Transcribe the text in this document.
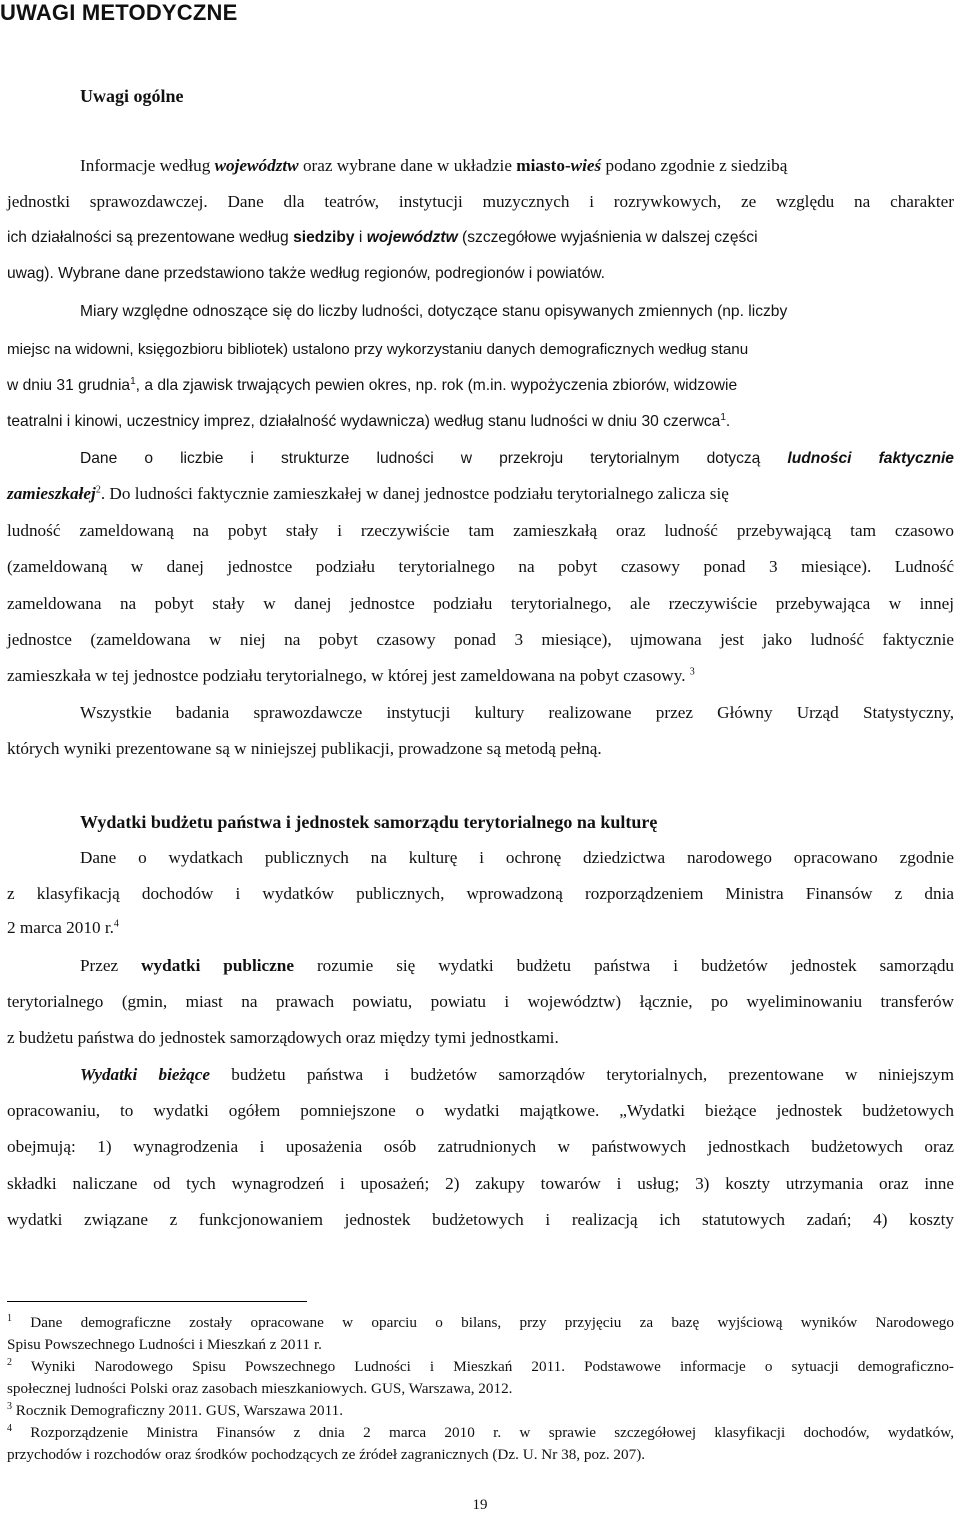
UWAGI METODYCZNE
Uwagi ogólne
Informacje według województw oraz wybrane dane w układzie miasto-wieś podano zgodnie z siedzibą
jednostki sprawozdawczej. Dane dla teatrów, instytucji muzycznych i rozrywkowych, ze względu na charakter
ich działalności są prezentowane według siedziby i województw (szczegółowe wyjaśnienia w dalszej części
uwag). Wybrane dane przedstawiono także według regionów, podregionów i powiatów.
Miary względne odnoszące się do liczby ludności, dotyczące stanu opisywanych zmiennych (np. liczby
miejsc na widowni, księgozbioru bibliotek) ustalono przy wykorzystaniu danych demograficznych według stanu
w dniu 31 grudnia$^1$, a dla zjawisk trwających pewien okres, np. rok (m.in. wypożyczenia zbiorów, widzowie
teatralni i kinowi, uczestnicy imprez, działalność wydawnicza) według stanu ludności w dniu 30 czerwca$^1$.
Dane o liczbie i strukturze ludności w przekroju terytorialnym dotyczą ludności faktycznie
zamieszkałej$^2$. Do ludności faktycznie zamieszkałej w danej jednostce podziału terytorialnego zalicza się
ludność zameldowaną na pobyt stały i rzeczywiście tam zamieszkałą oraz ludność przebywającą tam czasowo
(zameldowaną w danej jednostce podziału terytorialnego na pobyt czasowy ponad 3 miesiące). Ludność
zameldowana na pobyt stały w danej jednostce podziału terytorialnego, ale rzeczywiście przebywająca w innej
jednostce (zameldowana w niej na pobyt czasowy ponad 3 miesiące), ujmowana jest jako ludność faktycznie
zamieszkała w tej jednostce podziału terytorialnego, w której jest zameldowana na pobyt czasowy. $^3$
Wszystkie badania sprawozdawcze instytucji kultury realizowane przez Główny Urząd Statystyczny,
których wyniki prezentowane są w niniejszej publikacji, prowadzone są metodą pełną.
Wydatki budżetu państwa i jednostek samorządu terytorialnego na kulturę
Dane o wydatkach publicznych na kulturę i ochronę dziedzictwa narodowego opracowano zgodnie
z klasyfikacją dochodów i wydatków publicznych, wprowadzoną rozporządzeniem Ministra Finansów z dnia
2 marca 2010 r.$^4$
Przez wydatki publiczne rozumie się wydatki budżetu państwa i budżetów jednostek samorządu
terytorialnego (gmin, miast na prawach powiatu, powiatu i województw) łącznie, po wyeliminowaniu transferów
z budżetu państwa do jednostek samorządowych oraz między tymi jednostkami.
Wydatki bieżące budżetu państwa i budżetów samorządów terytorialnych, prezentowane w niniejszym
opracowaniu, to wydatki ogółem pomniejszone o wydatki majątkowe. „Wydatki bieżące jednostek budżetowych
obejmują: 1) wynagrodzenia i uposażenia osób zatrudnionych w państwowych jednostkach budżetowych oraz
składki naliczane od tych wynagrodzeń i uposażeń; 2) zakupy towarów i usług; 3) koszty utrzymania oraz inne
wydatki związane z funkcjonowaniem jednostek budżetowych i realizacją ich statutowych zadań; 4) koszty
$^1$ Dane demograficzne zostały opracowane w oparciu o bilans, przy przyjęciu za bazę wyjściową wyników Narodowego
Spisu Powszechnego Ludności i Mieszkań z 2011 r.
$^2$ Wyniki Narodowego Spisu Powszechnego Ludności i Mieszkań 2011. Podstawowe informacje o sytuacji demograficzno-
społecznej ludności Polski oraz zasobach mieszkaniowych. GUS, Warszawa, 2012.
$^3$ Rocznik Demograficzny 2011. GUS, Warszawa 2011.
$^4$ Rozporządzenie Ministra Finansów z dnia 2 marca 2010 r. w sprawie szczegółowej klasyfikacji dochodów, wydatków,
przychodów i rozchodów oraz środków pochodzących ze źródeł zagranicznych (Dz. U. Nr 38, poz. 207).
19
